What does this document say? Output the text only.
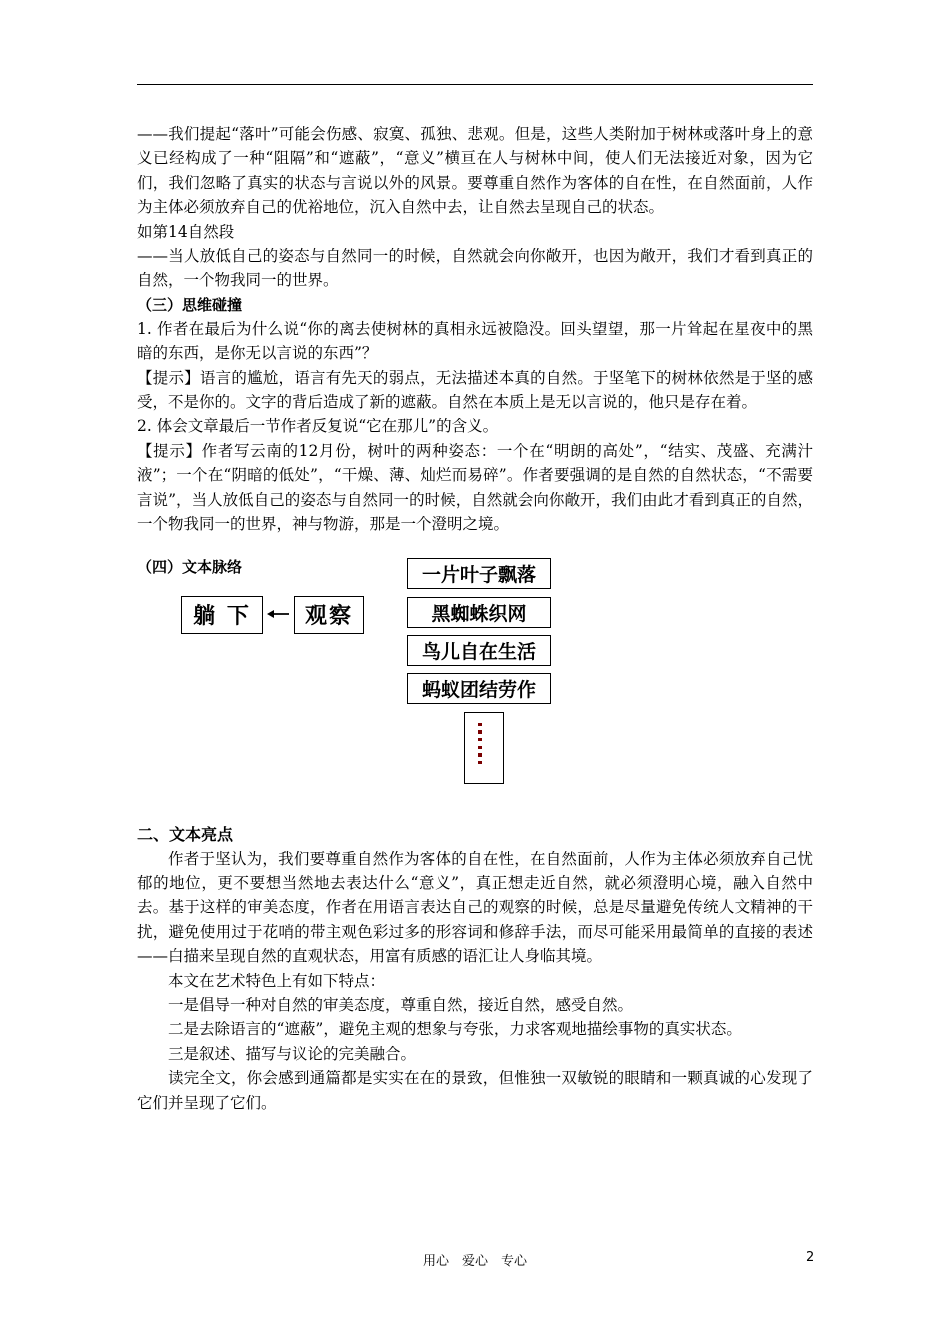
——我们提起“落叶”可能会伤感、寂寞、孤独、悲观。但是，这些人类附加于树林或落叶身上的意义已经构成了一种“阻隔”和“遮蔽”，“意义”横亘在人与树林中间，使人们无法接近对象，因为它们，我们忽略了真实的状态与言说以外的风景。要尊重自然作为客体的自在性，在自然面前，人作为主体必须放弃自己的优裕地位，沉入自然中去，让自然去呈现自己的状态。

如第14自然段

——当人放低自己的姿态与自然同一的时候，自然就会向你敞开，也因为敞开，我们才看到真正的自然，一个物我同一的世界。

（三）思维碰撞

1. 作者在最后为什么说“你的离去使树林的真相永远被隐没。回头望望，那一片耸起在星夜中的黑暗的东西，是你无以言说的东西”？

【提示】语言的尴尬，语言有先天的弱点，无法描述本真的自然。于坚笔下的树林依然是于坚的感受，不是你的。文字的背后造成了新的遮蔽。自然在本质上是无以言说的，他只是存在着。

2. 体会文章最后一节作者反复说“它在那儿”的含义。

【提示】作者写云南的12月份，树叶的两种姿态：一个在“明朗的高处”，“结实、茂盛、充满汁液”；一个在“阴暗的低处”，“干燥、薄、灿烂而易碎”。作者要强调的是自然的自然状态，“不需要言说”，当人放低自己的姿态与自然同一的时候，自然就会向你敞开，我们由此才看到真正的自然，一个物我同一的世界，神与物游，那是一个澄明之境。

（四）文本脉络
躺 下	观察
一片叶子飘落
黑蜘蛛织网
鸟儿自在生活
蚂蚁团结劳作

二、文本亮点

作者于坚认为，我们要尊重自然作为客体的自在性，在自然面前，人作为主体必须放弃自己忧郁的地位，更不要想当然地去表达什么“意义”，真正想走近自然，就必须澄明心境，融入自然中去。基于这样的审美态度，作者在用语言表达自己的观察的时候，总是尽量避免传统人文精神的干扰，避免使用过于花哨的带主观色彩过多的形容词和修辞手法，而尽可能采用最简单的直接的表述——白描来呈现自然的直观状态，用富有质感的语汇让人身临其境。

本文在艺术特色上有如下特点：

一是倡导一种对自然的审美态度，尊重自然，接近自然，感受自然。

二是去除语言的“遮蔽”，避免主观的想象与夸张，力求客观地描绘事物的真实状态。

三是叙述、描写与议论的完美融合。

读完全文，你会感到通篇都是实实在在的景致，但惟独一双敏锐的眼睛和一颗真诚的心发现了它们并呈现了它们。

用心　爱心　专心	2
